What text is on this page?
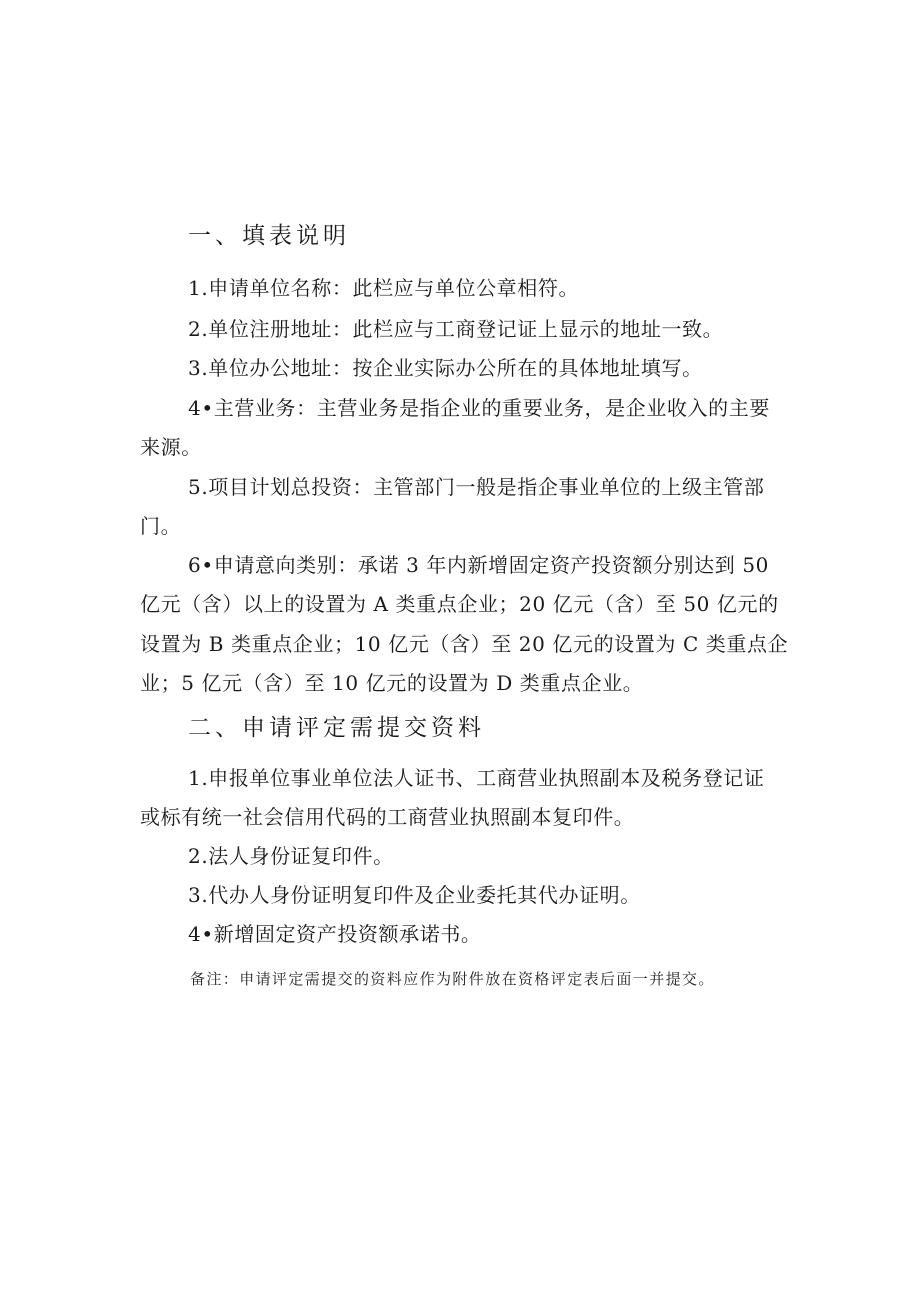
一、填表说明
1.申请单位名称：此栏应与单位公章相符。
2.单位注册地址：此栏应与工商登记证上显示的地址一致。
3.单位办公地址：按企业实际办公所在的具体地址填写。
4•主营业务：主营业务是指企业的重要业务，是企业收入的主要
来源。
5.项目计划总投资：主管部门一般是指企事业单位的上级主管部
门。
6•申请意向类别：承诺 3 年内新增固定资产投资额分别达到 50
亿元（含）以上的设置为 A 类重点企业；20 亿元（含）至 50 亿元的
设置为 B 类重点企业；10 亿元（含）至 20 亿元的设置为 C 类重点企
业；5 亿元（含）至 10 亿元的设置为 D 类重点企业。
二、申请评定需提交资料
1.申报单位事业单位法人证书、工商营业执照副本及税务登记证
或标有统一社会信用代码的工商营业执照副本复印件。
2.法人身份证复印件。
3.代办人身份证明复印件及企业委托其代办证明。
4•新增固定资产投资额承诺书。
备注：申请评定需提交的资料应作为附件放在资格评定表后面一并提交。
